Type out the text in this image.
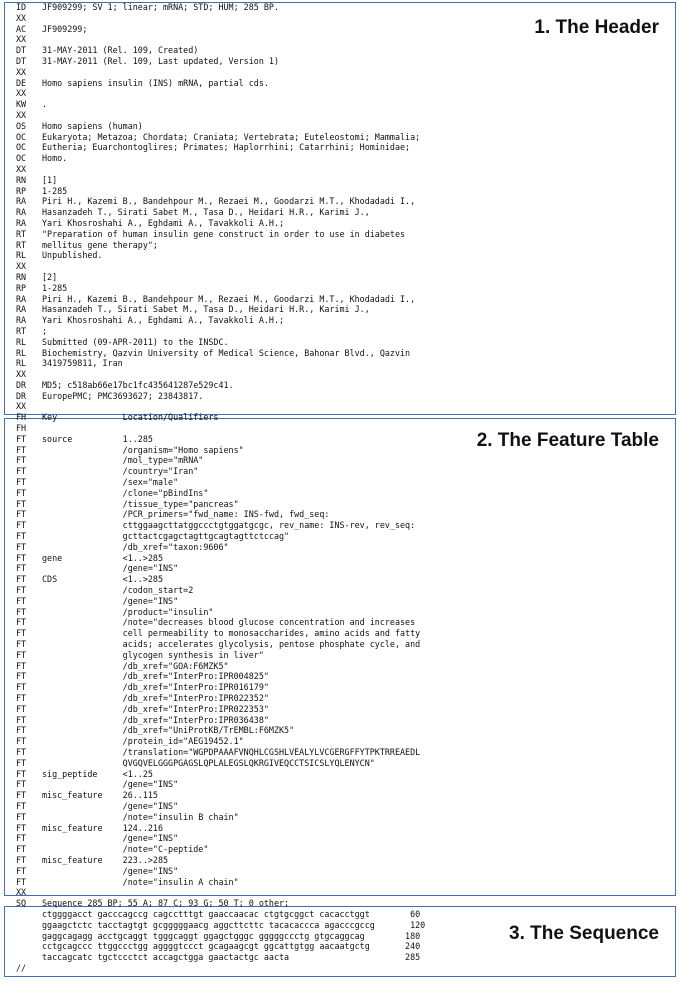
1. The Header
2. The Feature Table
3. The Sequence
ID JF909299; SV 1; linear; mRNA; STD; HUM; 285 BP.
XX
AC JF909299;
XX
DT 31-MAY-2011 (Rel. 109, Created)
DT 31-MAY-2011 (Rel. 109, Last updated, Version 1)
XX
DE Homo sapiens insulin (INS) mRNA, partial cds.
XX
KW .
XX
OS Homo sapiens (human)
OC Eukaryota; Metazoa; Chordata; Craniata; Vertebrata; Euteleostomi; Mammalia;
OC Eutheria; Euarchontoglires; Primates; Haplorrhini; Catarrhini; Hominidae;
OC Homo.
XX
RN [1]
RP 1-285
RA Piri H., Kazemi B., Bandehpour M., Rezaei M., Goodarzi M.T., Khodadadi I.,
RA Hasanzadeh T., Sirati Sabet M., Tasa D., Heidari H.R., Karimi J.,
RA Yari Khosroshahi A., Eghdami A., Tavakkoli A.H.;
RT "Preparation of human insulin gene construct in order to use in diabetes
RT mellitus gene therapy";
RL Unpublished.
XX
RN [2]
RP 1-285
RA Piri H., Kazemi B., Bandehpour M., Rezaei M., Goodarzi M.T., Khodadadi I.,
RA Hasanzadeh T., Sirati Sabet M., Tasa D., Heidari H.R., Karimi J.,
RA Yari Khosroshahi A., Eghdami A., Tavakkoli A.H.;
RT ;
RL Submitted (09-APR-2011) to the INSDC.
RL Biochemistry, Qazvin University of Medical Science, Bahonar Blvd., Qazvin
RL 3419759811, Iran
XX
DR MD5; c518ab66e17bc1fc435641287e529c41.
DR EuropePMC; PMC3693627; 23843817.
XX
FH Key             Location/Qualifiers
FH
FT source          1..285
FT /organism="Homo sapiens"
FT /mol_type="mRNA"
FT /country="Iran"
FT /sex="male"
FT /clone="pBindIns"
FT /tissue_type="pancreas"
FT /PCR_primers="fwd_name: INS-fwd, fwd_seq:
FT cttggaagcttatggccctgtggatgcgc, rev_name: INS-rev, rev_seq:
FT gcttactcgagctagttgcagtagttctccag"
FT /db_xref="taxon:9606"
FT gene            <1..>285
FT /gene="INS"
FT CDS             <1..>285
FT /codon_start=2
FT /gene="INS"
FT /product="insulin"
FT /note="decreases blood glucose concentration and increases
FT cell permeability to monosaccharides, amino acids and fatty
FT acids; accelerates glycolysis, pentose phosphate cycle, and
FT glycogen synthesis in liver"
FT /db_xref="GOA:F6MZK5"
FT /db_xref="InterPro:IPR004825"
FT /db_xref="InterPro:IPR016179"
FT /db_xref="InterPro:IPR022352"
FT /db_xref="InterPro:IPR022353"
FT /db_xref="InterPro:IPR036438"
FT /db_xref="UniProtKB/TrEMBL:F6MZK5"
FT /protein_id="AEG19452.1"
FT /translation="WGPDPAAAFVNQHLCGSHLVEALYLVCGERGFFYTPKTRREAEDL
FT QVGQVELGGGPGAGSLQPLALEGSLQKRGIVEQCCTSICSLYQLENYCN"
FT sig_peptide     <1..25
FT /gene="INS"
FT misc_feature    26..115
FT /gene="INS"
FT /note="insulin B chain"
FT misc_feature    124..216
FT /gene="INS"
FT /note="C-peptide"
FT misc_feature    223..>285
FT /gene="INS"
FT /note="insulin A chain"
XX
SQ Sequence 285 BP; 55 A; 87 C; 93 G; 50 T; 0 other;
ctggggacct gacccagccg cagcctttgt gaaccaacac ctgtgcggct cacacctggt        60
ggaagctctc tacctagtgt gcgggggaacg aggcttcttc tacacaccca agacccgccg       120
gaggcagagg acctgcaggt tgggcaggt ggagctgggc gggggccctg gtgcaggcag        180
cctgcagccc ttggccctgg aggggtccct gcagaagcgt ggcattgtgg aacaatgctg       240
taccagcatc tgctccctct accagctgga gaactactgc aacta                       285
//
